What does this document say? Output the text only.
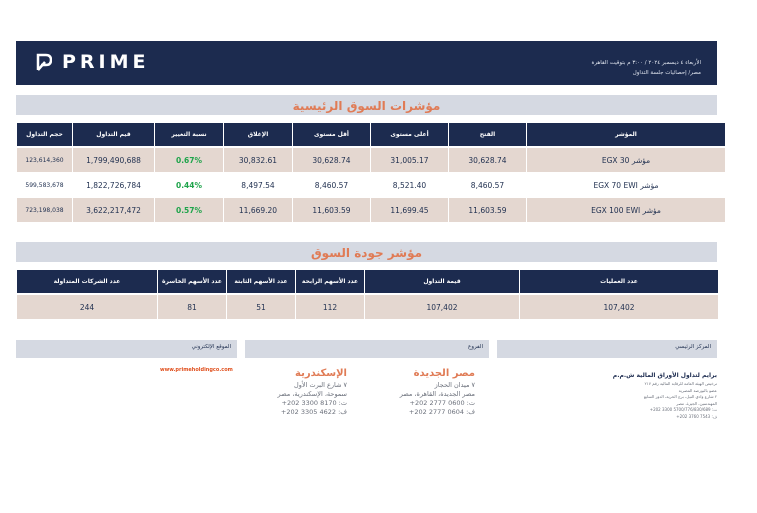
PRIME	الأربعاء ٤ ديسمبر ٢٠٢٤ / ٣:٠٠ م بتوقيت القاهرة
مصر/ إحصائيات جلسة التداول
مؤشرات السوق الرئيسية
المؤشر	الفتح	أعلى مستوى	أقل مستوى	الإغلاق	نسبة التغيير	قيم التداول	حجم التداول
مؤشر EGX 30	30,628.74	31,005.17	30,628.74	30,832.61	0.67%	1,799,490,688	123,614,360
مؤشر EGX 70 EWI	8,460.57	8,521.40	8,460.57	8,497.54	0.44%	1,822,726,784	599,583,678
مؤشر EGX 100 EWI	11,603.59	11,699.45	11,603.59	11,669.20	0.57%	3,622,217,472	723,198,038
مؤشر جودة السوق
عدد العمليات	قيمة التداول	عدد الأسهم الرابحة	عدد الأسهم الثابتة	عدد الأسهم الخاسرة	عدد الشركات المتداولة
107,402	107,402	112	51	81	244
المركز الرئيسي
الفروع
الموقع الإلكتروني
www.primeholdingco.com
برايم لتداول الأوراق المالية ش.م.م
ترخيص الهيئة العامة للرقابة المالية رقم ٢١٧
عضو بالبورصة المصرية
٢ شارع وادي النيل، برج الحرية، الدور السابع
المهندسين، الجيزة، مصر
ت: 5700/776/830/689 3300 202+
ف: 7543 3760 202+
مصر الجديدة
٧ ميدان الحجاز
مصر الجديدة، القاهرة، مصر
ت: 0600 2777 202+
ف: 0604 2777 202+
الإسكندرية
٧ شارع البرت الأول
سموحة، الإسكندرية، مصر
ت: 8170 3300 202+
ف: 4622 3305 202+
